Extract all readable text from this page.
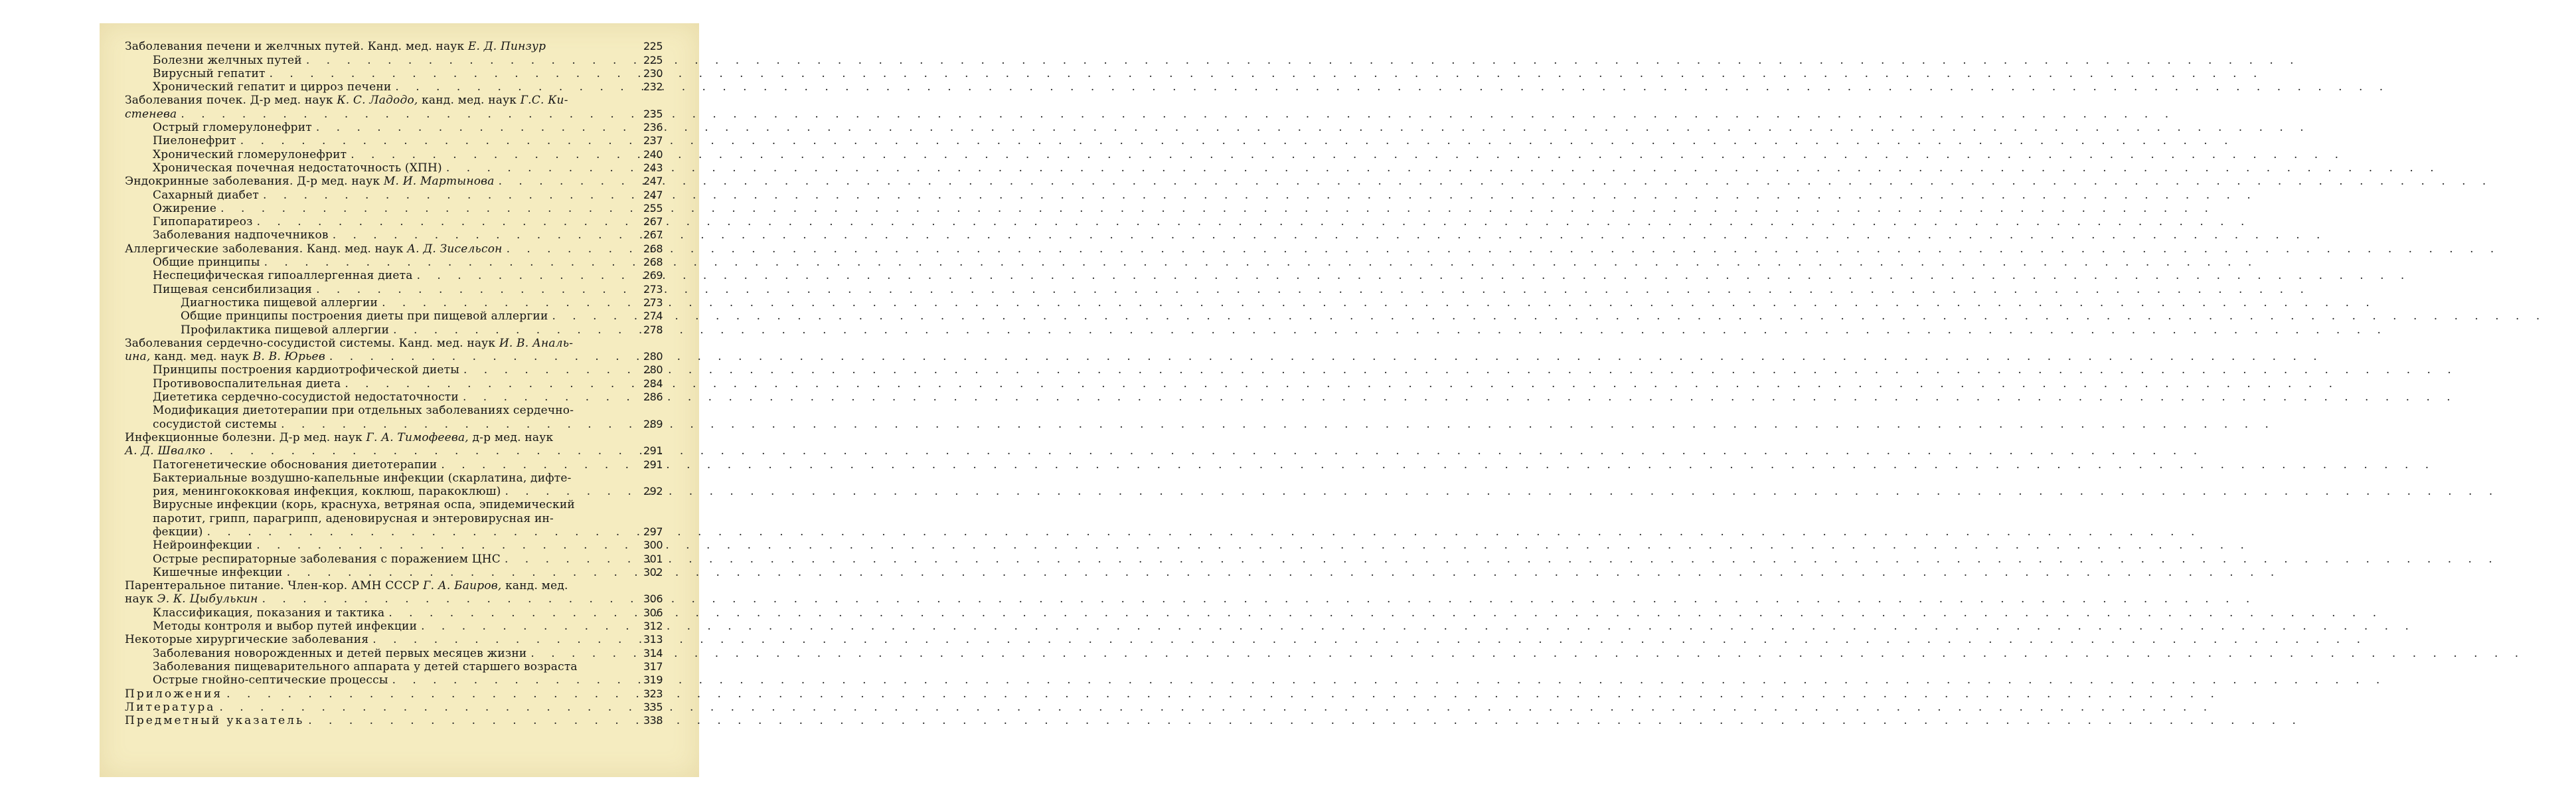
Заболевания печени и желчных путей. Канд. мед. наук Е. Д. Пинзур	225
Болезни желчных путей . . .	225
Вирусный гепатит . . .	230
Хронический гепатит и цирроз печени . . .	232
Заболевания почек. Д-р мед. наук К. С. Ладодо, канд. мед. наук Г.С. Ки-
стенева . . .	235
Острый гломерулонефрит . . .	236
Пиелонефрит . . .	237
Хронический гломерулонефрит . . .	240
Хроническая почечная недостаточность (ХПН) . . .	243
Эндокринные заболевания. Д-р мед. наук М. И. Мартынова . . .	247
Сахарный диабет . . .	247
Ожирение . . .	255
Гипопаратиреоз . . .	267
Заболевания надпочечников . . .	267
Аллергические заболевания. Канд. мед. наук А. Д. Зисельсон . . .	268
Общие принципы . . .	268
Неспецифическая гипоаллергенная диета . . .	269
Пищевая сенсибилизация . . .	273
Диагностика пищевой аллергии . . .	273
Общие принципы построения диеты при пищевой аллергии . . .	274
Профилактика пищевой аллергии . . .	278
Заболевания сердечно-сосудистой системы. Канд. мед. наук И. В. Аналь-
ина, канд. мед. наук В. В. Юрьев . . .	280
Принципы построения кардиотрофической диеты . . .	280
Противовоспалительная диета . . .	284
Диететика сердечно-сосудистой недостаточности . . .	286
Модификация диетотерапии при отдельных заболеваниях сердечно-
сосудистой системы . . .	289
Инфекционные болезни. Д-р мед. наук Г. А. Тимофеева, д-р мед. наук
А. Д. Швалко . . .	291
Патогенетические обоснования диетотерапии . . .	291
Бактериальные воздушно-капельные инфекции (скарлатина, дифте-
рия, менингококковая инфекция, коклюш, паракоклюш) . . .	292
Вирусные инфекции (корь, краснуха, ветряная оспа, эпидемический
паротит, грипп, парагрипп, аденовирусная и энтеровирусная ин-
фекции) . . .	297
Нейроинфекции . . .	300
Острые респираторные заболевания с поражением ЦНС . . .	301
Кишечные инфекции . . .	302
Парентеральное питание. Член-кор. АМН СССР Г. А. Баиров, канд. мед.
наук Э. К. Цыбулькин . . .	306
Классификация, показания и тактика . . .	306
Методы контроля и выбор путей инфекции . . .	312
Некоторые хирургические заболевания . . .	313
Заболевания новорожденных и детей первых месяцев жизни . . .	314
Заболевания пищеварительного аппарата у детей старшего возраста	317
Острые гнойно-септические процессы . . .	319
Приложения . . .	323
Литература . . .	335
Предметный указатель . . .	338
